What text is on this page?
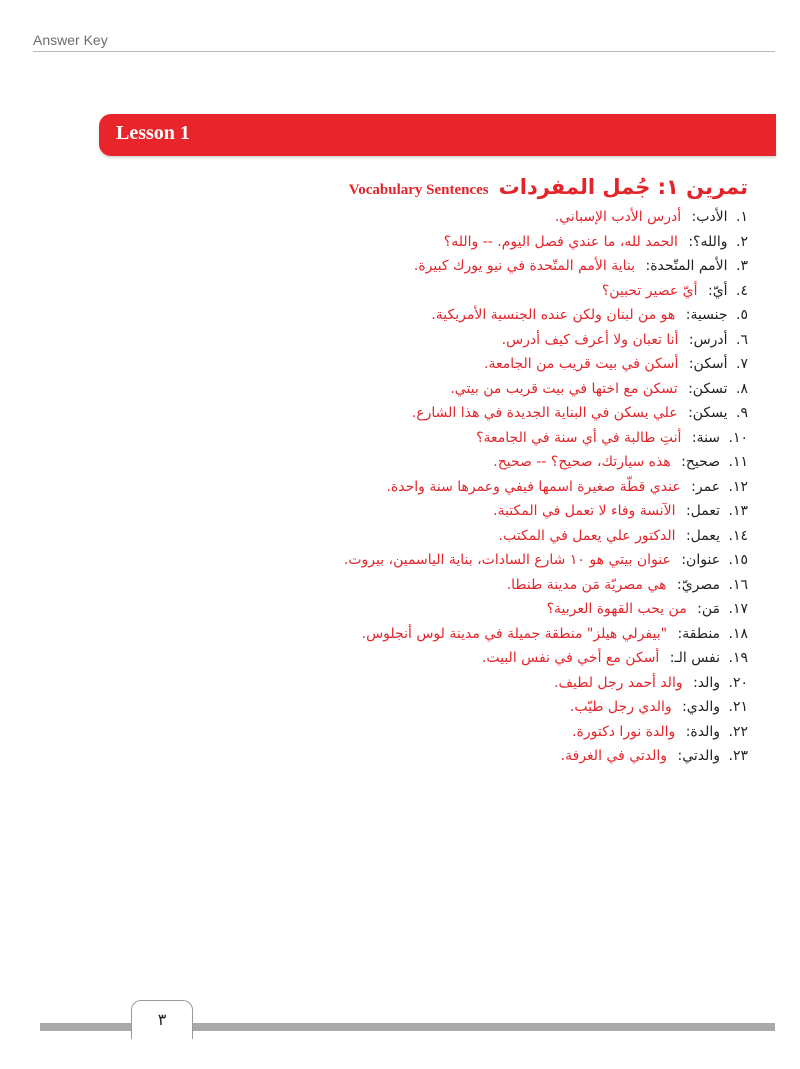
Answer Key
Lesson 1
تمرين ١: جُمل المفرداتVocabulary Sentences
١. الأدب: أدرس الأدب الإسباني.
٢. والله؟: الحمد لله، ما عندي فصل اليوم. -- والله؟
٣. الأمم المتّحدة: بناية الأمم المتّحدة في نيو يورك كبيرة.
٤. أيّ: أيّ عصير تحبين؟
٥. جنسية: هو من لبنان ولكن عنده الجنسية الأمريكية.
٦. أدرس: أنا تعبان ولا أعرف كيف أدرس.
٧. أسكن: أسكن في بيت قريب من الجامعة.
٨. تسكن: تسكن مع اختها في بيت قريب من بيتي.
٩. يسكن: علي يسكن في البناية الجديدة في هذا الشارع.
١٠. سنة: أنتِ طالبة في أي سنة في الجامعة؟
١١. صحيح: هذه سيارتك، صحيح؟ -- صحيح.
١٢. عمر: عندي قطّة صغيرة اسمها فيفي وعمرها سنة واحدة.
١٣. تعمل: الآنسة وفاء لا تعمل في المكتبة.
١٤. يعمل: الدكتور علي يعمل في المكتب.
١٥. عنوان: عنوان بيتي هو ١٠ شارع السادات، بناية الياسمين، بيروت.
١٦. مصريّ: هي مصريّة مَن مدينة طنطا.
١٧. مَن: من يحب القهوة العربية؟
١٨. منطقة: "بيفرلي هيلز" منطقة جميلة في مدينة لوس أنجلوس.
١٩. نفس الـ: أسكن مع أخي في نفس البيت.
٢٠. والد: والد أحمد رجل لطيف.
٢١. والدي: والدي رجل طيّب.
٢٢. والدة: والدة نورا دكتورة.
٢٣. والدتي: والدتي في الغرفة.
٣
